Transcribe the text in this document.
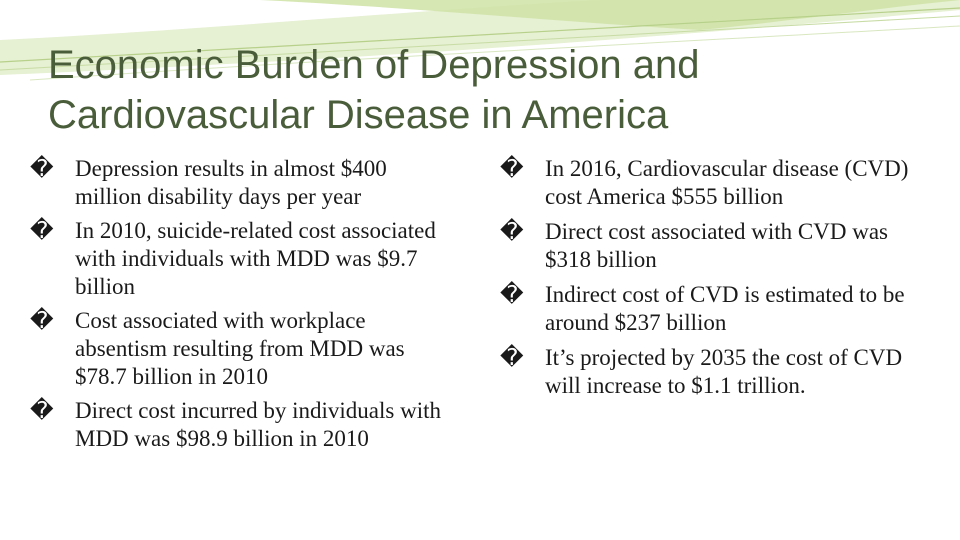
Economic Burden of Depression and
Cardiovascular Disease in America

� Depression results in almost $400 million disability days per year

� In 2010, suicide-related cost associated with individuals with MDD was $9.7 billion

� Cost associated with workplace absentism resulting from MDD was $78.7 billion in 2010

� Direct cost incurred by individuals with MDD was $98.9 billion in 2010

� In 2016, Cardiovascular disease (CVD) cost America $555 billion

� Direct cost associated with CVD was $318 billion

� Indirect cost of CVD is estimated to be around $237 billion

� It’s projected by 2035 the cost of CVD will increase to $1.1 trillion.
